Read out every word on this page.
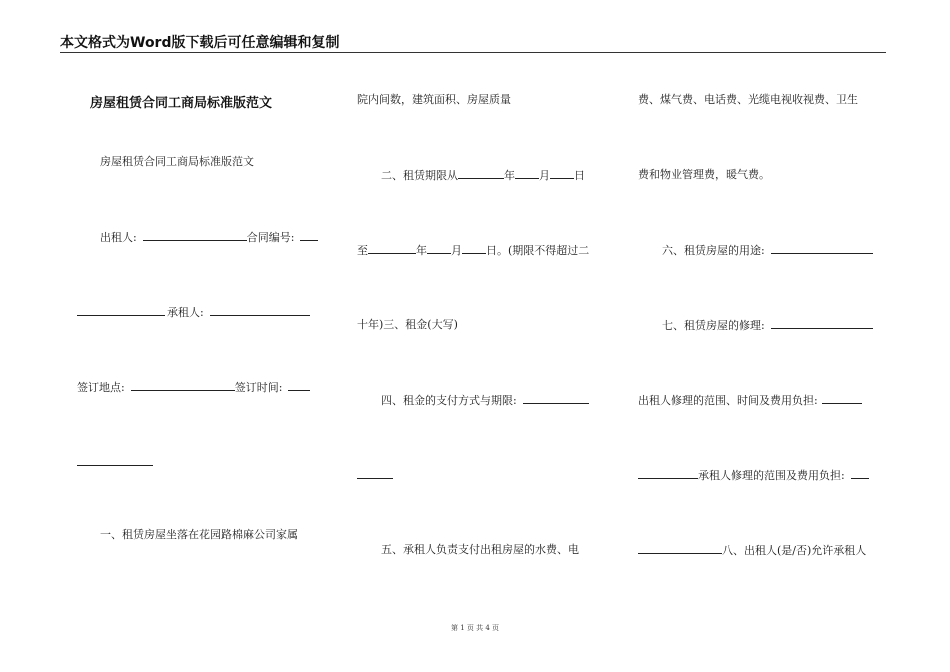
本文格式为Word版下载后可任意编辑和复制
房屋租赁合同工商局标准版范文
房屋租赁合同工商局标准版范文
出租人:	合同编号:
承租人:
签订地点:	签订时间:
一、租赁房屋坐落在花园路棉麻公司家属
院内间数，建筑面积、房屋质量
二、租赁期限从	年 月 日
至	年 月 日。(期限不得超过二
十年)三、租金(大写)
四、租金的支付方式与期限:
五、承租人负责支付出租房屋的水费、电
费、煤气费、电话费、光缆电视收视费、卫生
费和物业管理费，暖气费。
六、租赁房屋的用途:
七、租赁房屋的修理:
出租人修理的范围、时间及费用负担:
承租人修理的范围及费用负担:
八、出租人(是/否)允许承租人
第 1 页 共 4 页
